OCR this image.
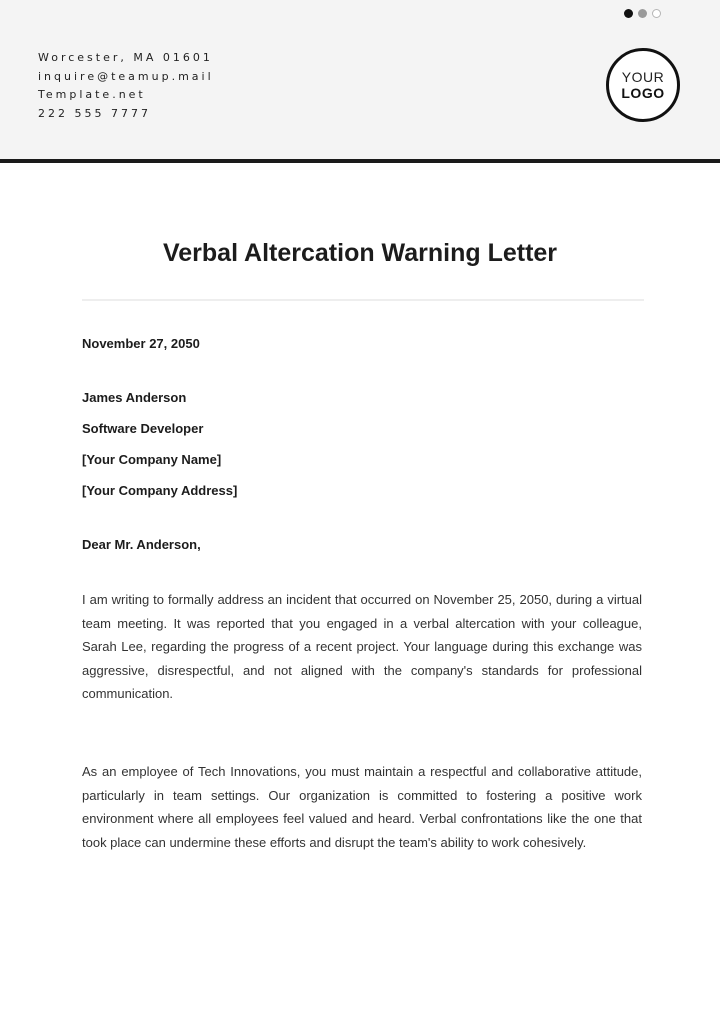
Worcester, MA 01601
inquire@teamup.mail
Template.net
222 555 7777
YOUR
LOGO
Verbal Altercation Warning Letter
November 27, 2050
James Anderson
Software Developer
[Your Company Name]
[Your Company Address]
Dear Mr. Anderson,

I am writing to formally address an incident that occurred on November 25, 2050, during a virtual team meeting. It was reported that you engaged in a verbal altercation with your colleague, Sarah Lee, regarding the progress of a recent project. Your language during this exchange was aggressive, disrespectful, and not aligned with the company's standards for professional communication.

As an employee of Tech Innovations, you must maintain a respectful and collaborative attitude, particularly in team settings. Our organization is committed to fostering a positive work environment where all employees feel valued and heard. Verbal confrontations like the one that took place can undermine these efforts and disrupt the team's ability to work cohesively.
